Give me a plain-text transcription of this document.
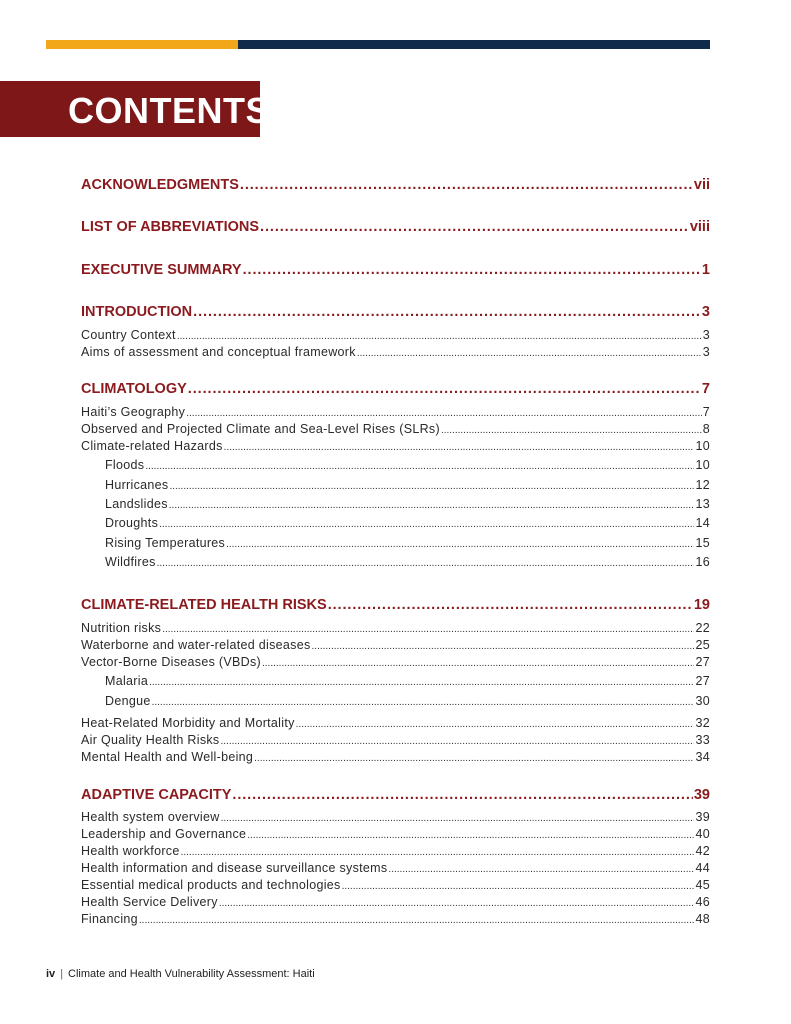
CONTENTS
ACKNOWLEDGMENTS .....	vii
LIST OF ABBREVIATIONS .....	viii
EXECUTIVE SUMMARY .....	1
INTRODUCTION .....	3
Country Context .....	3
Aims of assessment and conceptual framework .....	3
CLIMATOLOGY .....	7
Haiti’s Geography .....	7
Observed and Projected Climate and Sea-Level Rises (SLRs) .....	8
Climate-related Hazards .....	10
Floods .....	10
Hurricanes .....	12
Landslides .....	13
Droughts .....	14
Rising Temperatures .....	15
Wildfires .....	16
CLIMATE-RELATED HEALTH RISKS .....	19
Nutrition risks .....	22
Waterborne and water-related diseases .....	25
Vector-Borne Diseases (VBDs) .....	27
Malaria .....	27
Dengue .....	30
Heat-Related Morbidity and Mortality .....	32
Air Quality Health Risks .....	33
Mental Health and Well-being .....	34
ADAPTIVE CAPACITY .....	39
Health system overview .....	39
Leadership and Governance .....	40
Health workforce .....	42
Health information and disease surveillance systems .....	44
Essential medical products and technologies .....	45
Health Service Delivery .....	46
Financing .....	48
iv | Climate and Health Vulnerability Assessment: Haiti
